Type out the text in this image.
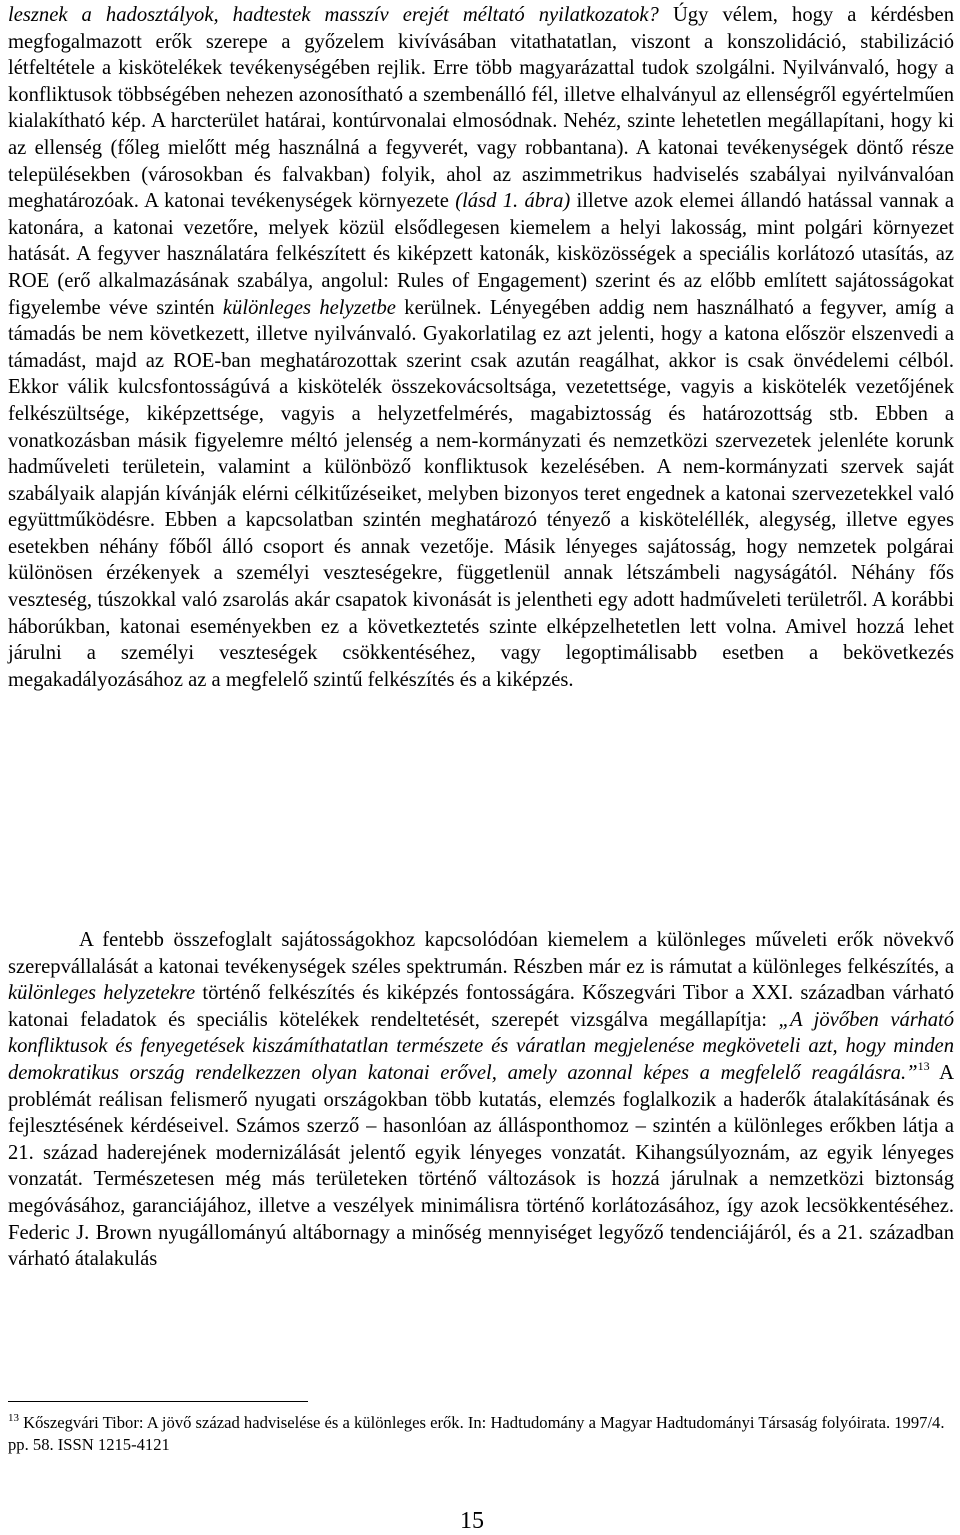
lesznek a hadosztályok, hadtestek masszív erejét méltató nyilatkozatok? Úgy vélem, hogy a kérdésben megfogalmazott erők szerepe a győzelem kivívásában vitathatatlan, viszont a konszolidáció, stabilizáció létfeltétele a kiskötelékek tevékenységében rejlik. Erre több magyarázattal tudok szolgálni. Nyilvánvaló, hogy a konfliktusok többségében nehezen azonosítható a szembenálló fél, illetve elhalványul az ellenségről egyértelműen kialakítható kép. A harcterület határai, kontúrvonalai elmosódnak. Nehéz, szinte lehetetlen megállapítani, hogy ki az ellenség (főleg mielőtt még használná a fegyverét, vagy robbantana). A katonai tevékenységek döntő része településekben (városokban és falvakban) folyik, ahol az aszimmetrikus hadviselés szabályai nyilvánvalóan meghatározóak. A katonai tevékenységek környezete (lásd 1. ábra) illetve azok elemei állandó hatással vannak a katonára, a katonai vezetőre, melyek közül elsődlegesen kiemelem a helyi lakosság, mint polgári környezet hatását. A fegyver használatára felkészített és kiképzett katonák, kisközösségek a speciális korlátozó utasítás, az ROE (erő alkalmazásának szabálya, angolul: Rules of Engagement) szerint és az előbb említett sajátosságokat figyelembe véve szintén különleges helyzetbe kerülnek. Lényegében addig nem használható a fegyver, amíg a támadás be nem következett, illetve nyilvánvaló. Gyakorlatilag ez azt jelenti, hogy a katona először elszenvedi a támadást, majd az ROE-ban meghatározottak szerint csak azután reagálhat, akkor is csak önvédelemi célból. Ekkor válik kulcsfontosságúvá a kiskötelék összekovácsoltsága, vezetettsége, vagyis a kiskötelék vezetőjének felkészültsége, kiképzettsége, vagyis a helyzetfelmérés, magabiztosság és határozottság stb. Ebben a vonatkozásban másik figyelemre méltó jelenség a nem-kormányzati és nemzetközi szervezetek jelenléte korunk hadműveleti területein, valamint a különböző konfliktusok kezelésében. A nem-kormányzati szervek saját szabályaik alapján kívánják elérni célkitűzéseiket, melyben bizonyos teret engednek a katonai szervezetekkel való együttműködésre. Ebben a kapcsolatban szintén meghatározó tényező a kisköteléllék, alegység, illetve egyes esetekben néhány főből álló csoport és annak vezetője. Másik lényeges sajátosság, hogy nemzetek polgárai különösen érzékenyek a személyi veszteségekre, függetlenül annak létszámbeli nagyságától. Néhány fős veszteség, túszokkal való zsarolás akár csapatok kivonását is jelentheti egy adott hadműveleti területről. A korábbi háborúkban, katonai eseményekben ez a következtetés szinte elképzelhetetlen lett volna. Amivel hozzá lehet járulni a személyi veszteségek csökkentéséhez, vagy legoptimálisabb esetben a bekövetkezés megakadályozásához az a megfelelő szintű felkészítés és a kiképzés.

A fentebb összefoglalt sajátosságokhoz kapcsolódóan kiemelem a különleges műveleti erők növekvő szerepvállalását a katonai tevékenységek széles spektrumán. Részben már ez is rámutat a különleges felkészítés, a különleges helyzetekre történő felkészítés és kiképzés fontosságára. Kőszegvári Tibor a XXI. században várható katonai feladatok és speciális kötelékek rendeltetését, szerepét vizsgálva megállapítja: „A jövőben várható konfliktusok és fenyegetések kiszámíthatatlan természete és váratlan megjelenése megköveteli azt, hogy minden demokratikus ország rendelkezzen olyan katonai erővel, amely azonnal képes a megfelelő reagálásra.”$^{13}$ A problémát reálisan felismerő nyugati országokban több kutatás, elemzés foglalkozik a haderők átalakításának és fejlesztésének kérdéseivel. Számos szerző – hasonlóan az állásponthomoz – szintén a különleges erőkben látja a 21. század haderejének modernizálását jelentő egyik lényeges vonzatát. Kihangsúlyoznám, az egyik lényeges vonzatát. Természetesen még más területeken történő változások is hozzá járulnak a nemzetközi biztonság megóvásához, garanciájához, illetve a veszélyek minimálisra történő korlátozásához, így azok lecsökkentéséhez. Federic J. Brown nyugállományú altábornagy a minőség mennyiséget legyőző tendenciájáról, és a 21. században várható átalakulás

$^{13}$ Kőszegvári Tibor: A jövő század hadviselése és a különleges erők. In: Hadtudomány a Magyar Hadtudományi Társaság folyóirata. 1997/4. pp. 58. ISSN 1215-4121

15
